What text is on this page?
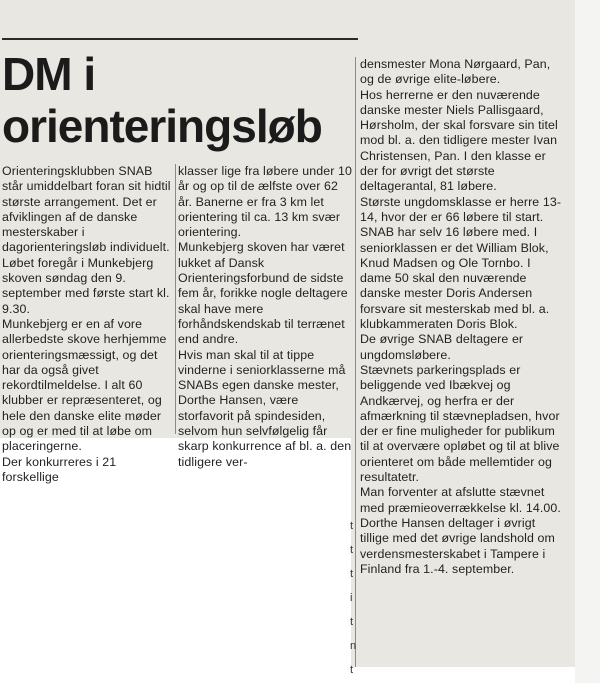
DM i
orienteringsløb

Orienteringsklubben SNAB står umiddelbart foran sit hidtil største arrangement. Det er afviklingen af de danske mesterskaber i dagorienteringsløb individuelt.

Løbet foregår i Munkebjerg skoven søndag den 9. september med første start kl. 9.30.

Munkebjerg er en af vore allerbedste skove herhjemme orienteringsmæssigt, og det har da også givet rekordtilmeldelse. I alt 60 klubber er repræsenteret, og hele den danske elite møder op og er med til at løbe om placeringerne.

Der konkurreres i 21 forskellige

klasser lige fra løbere under 10 år og op til de ælfste over 62 år. Banerne er fra 3 km let orientering til ca. 13 km svær orientering.

Munkebjerg skoven har været lukket af Dansk Orienteringsforbund de sidste fem år, forikke nogle deltagere skal have mere forhåndskendskab til terrænet end andre.

Hvis man skal til at tippe vinderne i seniorklasserne må SNABs egen danske mester, Dorthe Hansen, være storfavorit på spindesiden, selvom hun selvfølgelig får skarp konkurrence af bl. a. den tidligere ver-

densmester Mona Nørgaard, Pan, og de øvrige elite-løbere.

Hos herrerne er den nuværende danske mester Niels Pallisgaard, Hørsholm, der skal forsvare sin titel mod bl. a. den tidligere mester Ivan Christensen, Pan. I den klasse er der for øvrigt det største deltagerantal, 81 løbere.

Største ungdomsklasse er herre 13-14, hvor der er 66 løbere til start.

SNAB har selv 16 løbere med. I seniorklassen er det William Blok, Knud Madsen og Ole Tornbo. I dame 50 skal den nuværende danske mester Doris Andersen forsvare sit mesterskab med bl. a. klubkammeraten Doris Blok.

De øvrige SNAB deltagere er ungdomsløbere.

Stævnets parkeringsplads er beliggende ved Ibækvej og Andkærvej, og herfra er der afmærkning til stævnepladsen, hvor der er fine muligheder for publikum til at overvære opløbet og til at blive orienteret om både mellemtider og resultatetr.

Man forventer at afslutte stævnet med præmieoverrækkelse kl. 14.00.

Dorthe Hansen deltager i øvrigt tillige med det øvrige landshold om verdensmesterskabet i Tampere i Finland fra 1.-4. september.

t
t
t
i
t
n
t
